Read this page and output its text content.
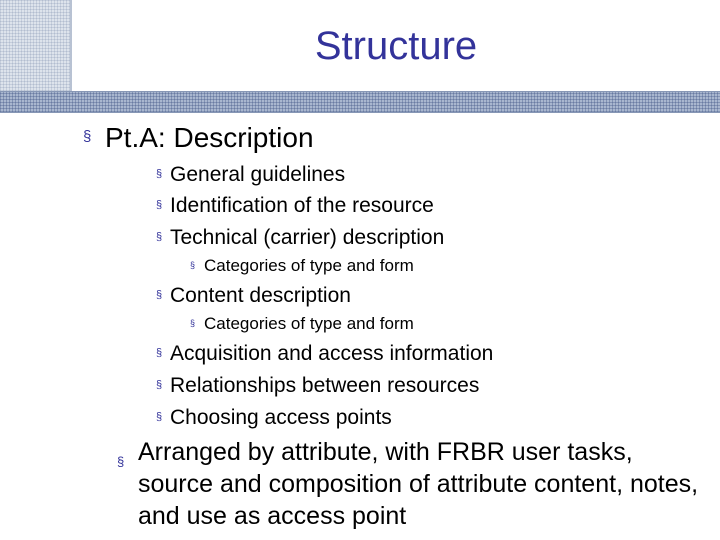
Structure
§ Pt.A: Description
§ General guidelines
§ Identification of the resource
§ Technical (carrier) description
§ Categories of type and form
§ Content description
§ Categories of type and form
§ Acquisition and access information
§ Relationships between resources
§ Choosing access points
§ Arranged by attribute, with FRBR user tasks, source and composition of attribute content, notes, and use as access point
